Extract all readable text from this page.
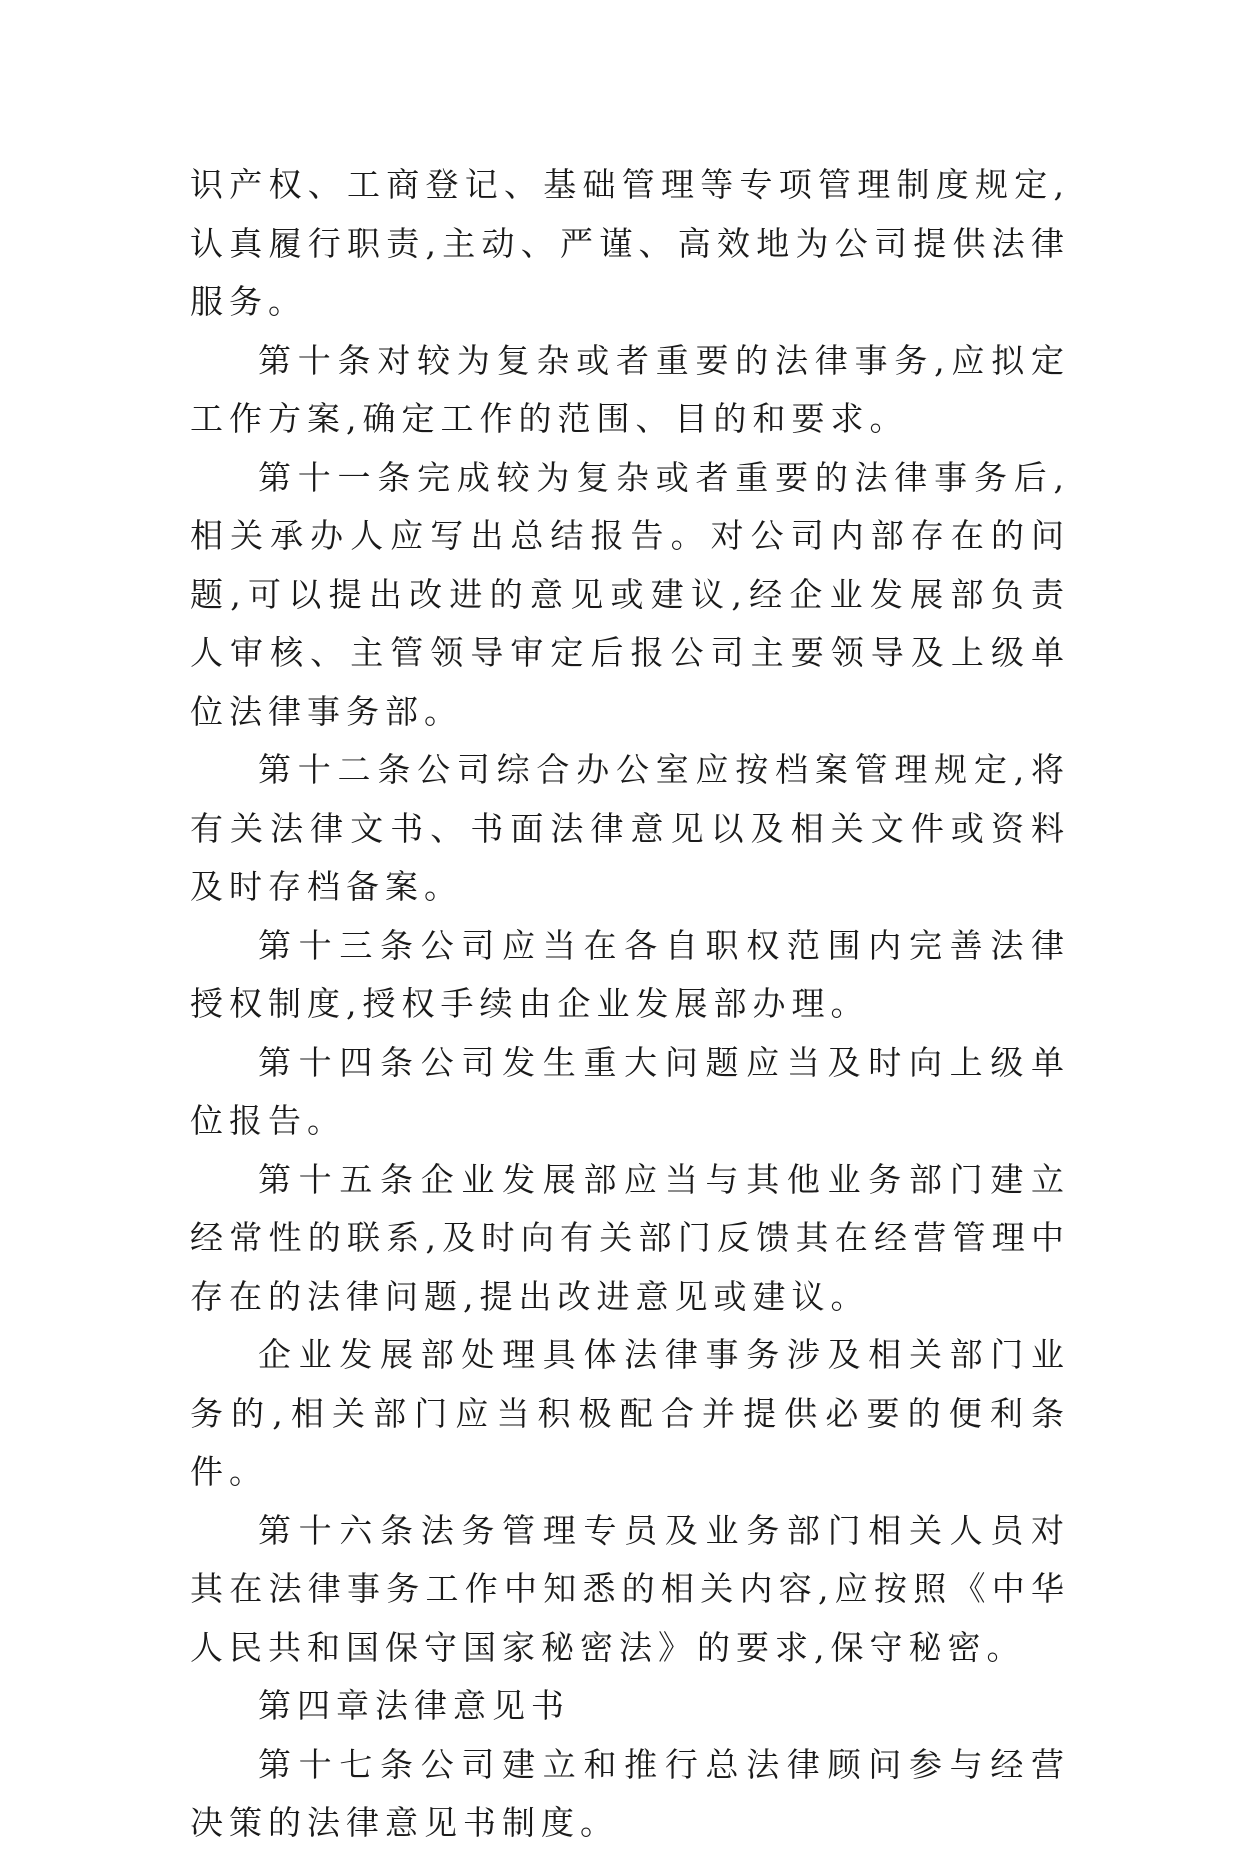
识产权、工商登记、基础管理等专项管理制度规定,认真履行职责,主动、严谨、高效地为公司提供法律服务。

第十条对较为复杂或者重要的法律事务,应拟定工作方案,确定工作的范围、目的和要求。

第十一条完成较为复杂或者重要的法律事务后,相关承办人应写出总结报告。对公司内部存在的问题,可以提出改进的意见或建议,经企业发展部负责人审核、主管领导审定后报公司主要领导及上级单位法律事务部。

第十二条公司综合办公室应按档案管理规定,将有关法律文书、书面法律意见以及相关文件或资料及时存档备案。

第十三条公司应当在各自职权范围内完善法律授权制度,授权手续由企业发展部办理。

第十四条公司发生重大问题应当及时向上级单位报告。

第十五条企业发展部应当与其他业务部门建立经常性的联系,及时向有关部门反馈其在经营管理中存在的法律问题,提出改进意见或建议。

企业发展部处理具体法律事务涉及相关部门业务的,相关部门应当积极配合并提供必要的便利条件。

第十六条法务管理专员及业务部门相关人员对其在法律事务工作中知悉的相关内容,应按照《中华人民共和国保守国家秘密法》的要求,保守秘密。

第四章法律意见书

第十七条公司建立和推行总法律顾问参与经营决策的法律意见书制度。
